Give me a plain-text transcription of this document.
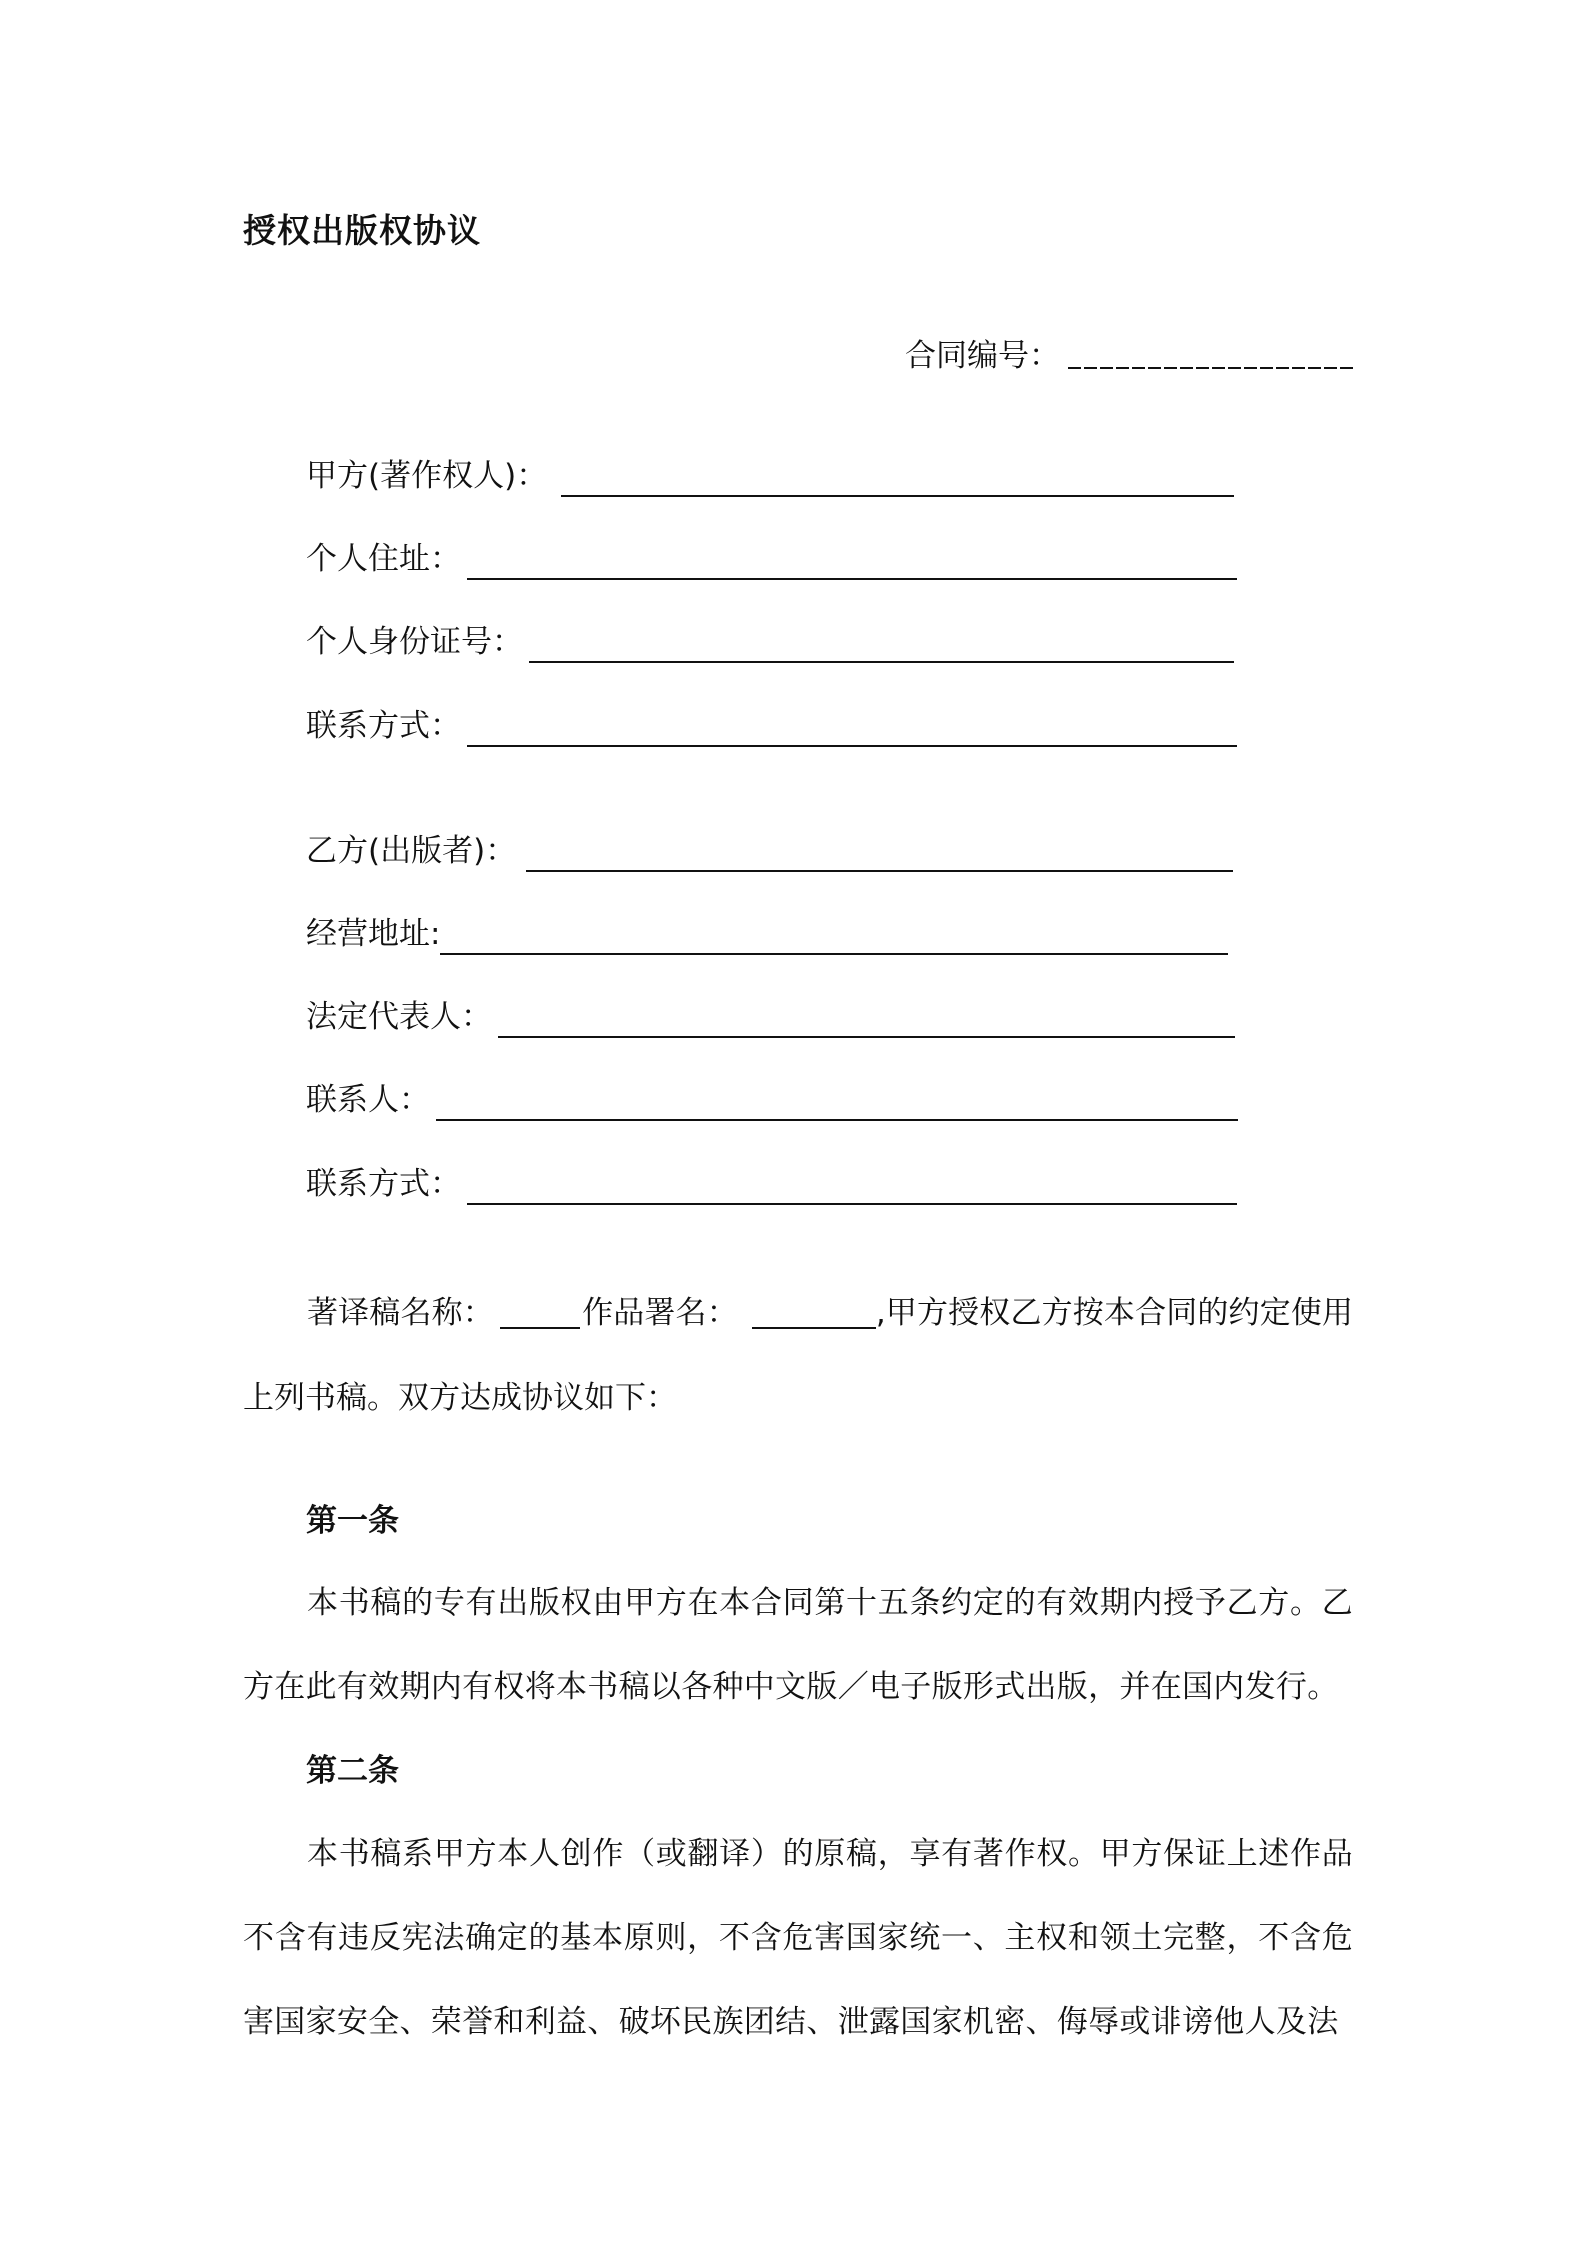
授权出版权协议
合同编号：
甲方(著作权人)：
个人住址：
个人身份证号：
联系方式：
乙方(出版者)：
经营地址:
法定代表人：
联系人：
联系方式：
著译稿名称：	作品署名：	,甲方授权乙方按本合同的约定使用上列书稿。双方达成协议如下：
第一条
本书稿的专有出版权由甲方在本合同第十五条约定的有效期内授予乙方。乙方在此有效期内有权将本书稿以各种中文版／电子版形式出版，并在国内发行。
第二条
本书稿系甲方本人创作（或翻译）的原稿，享有著作权。甲方保证上述作品不含有违反宪法确定的基本原则，不含危害国家统一、主权和领土完整，不含危害国家安全、荣誉和利益、破坏民族团结、泄露国家机密、侮辱或诽谤他人及法
